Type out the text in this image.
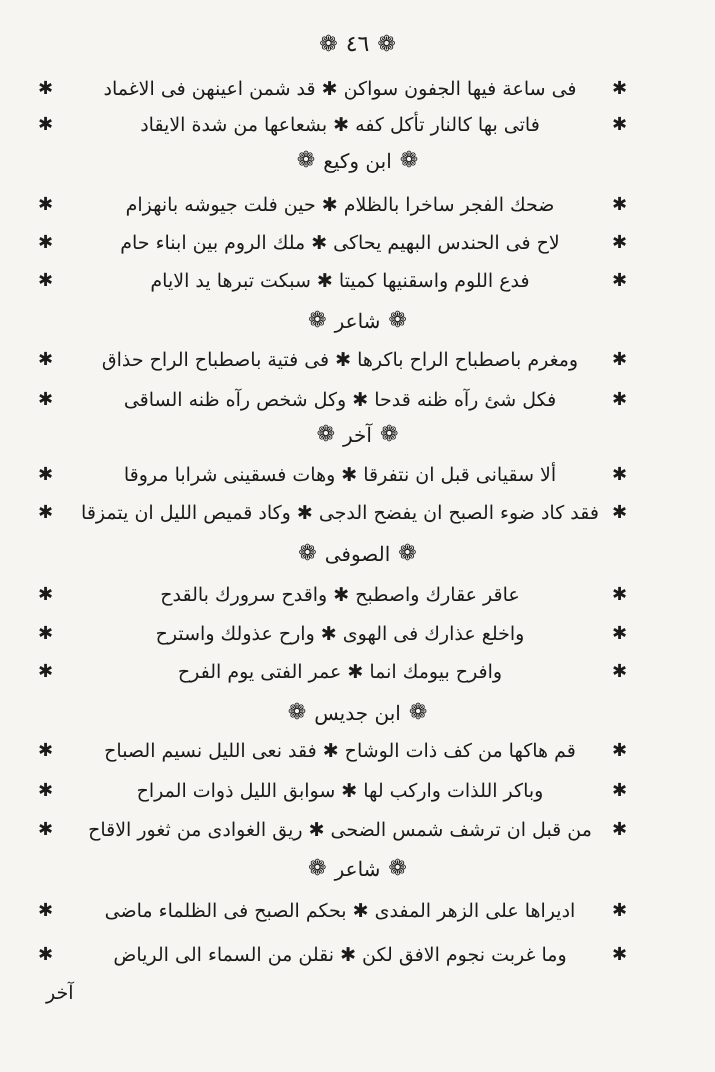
❁
٤٦
❁
✱
فى ساعة فيها الجفون سواكن ✱ قد شمن اعينهن فى الاغماد
✱
✱
فاتى بها كالنار تأكل كفه ✱ بشعاعها من شدة الايقاد
✱
❁
ابن وكيع
❁
✱
ضحك الفجر ساخرا بالظلام ✱ حين فلت جيوشه بانهزام
✱
✱
لاح فى الحندس البهيم يحاكى ✱ ملك الروم بين ابناء حام
✱
✱
فدع اللوم واسقنيها كميتا ✱ سبكت تبرها يد الايام
✱
❁
شاعر
❁
✱
ومغرم باصطباح الراح باكرها ✱ فى فتية باصطباح الراح حذاق
✱
✱
فكل شئ رآه ظنه قدحا ✱ وكل شخص رآه ظنه الساقى
✱
❁
آخر
❁
✱
ألا سقيانى قبل ان نتفرقا ✱ وهات فسقينى شرابا مروقا
✱
✱
فقد كاد ضوء الصبح ان يفضح الدجى ✱ وكاد قميص الليل ان يتمزقا
✱
❁
الصوفى
❁
✱
عاقر عقارك واصطبح ✱ واقدح سرورك بالقدح
✱
✱
واخلع عذارك فى الهوى ✱ وارح عذولك واسترح
✱
✱
وافرح بيومك انما ✱ عمر الفتى يوم الفرح
✱
❁
ابن جديس
❁
✱
قم هاكها من كف ذات الوشاح ✱ فقد نعى الليل نسيم الصباح
✱
✱
وباكر اللذات واركب لها ✱ سوابق الليل ذوات المراح
✱
✱
من قبل ان ترشف شمس الضحى ✱ ريق الغوادى من ثغور الاقاح
✱
❁
شاعر
❁
✱
اديراها على الزهر المفدى ✱ بحكم الصبح فى الظلماء ماضى
✱
✱
وما غربت نجوم الافق لكن ✱ نقلن من السماء الى الرياض
✱
آخر
